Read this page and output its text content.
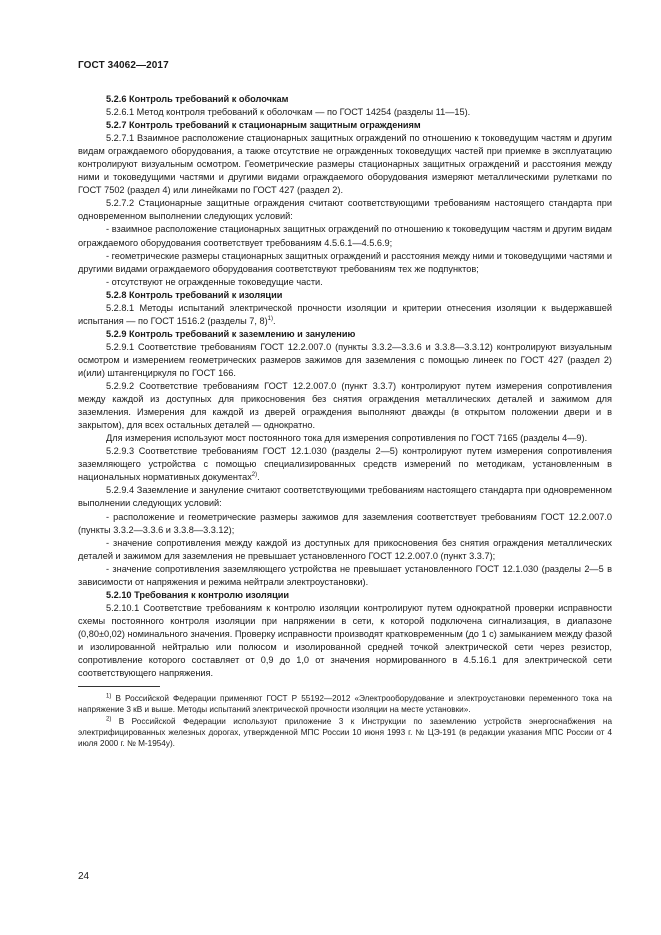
ГОСТ 34062—2017

5.2.6 Контроль требований к оболочкам

5.2.6.1 Метод контроля требований к оболочкам — по ГОСТ 14254 (разделы 11—15).

5.2.7 Контроль требований к стационарным защитным ограждениям

5.2.7.1 Взаимное расположение стационарных защитных ограждений по отношению к токоведущим частям и другим видам ограждаемого оборудования, а также отсутствие не огражденных токоведущих частей при приемке в эксплуатацию контролируют визуальным осмотром. Геометрические размеры стационарных защитных ограждений и расстояния между ними и токоведущими частями и другими видами ограждаемого оборудования измеряют металлическими рулетками по ГОСТ 7502 (раздел 4) или линейками по ГОСТ 427 (раздел 2).

5.2.7.2 Стационарные защитные ограждения считают соответствующими требованиям настоящего стандарта при одновременном выполнении следующих условий:

- взаимное расположение стационарных защитных ограждений по отношению к токоведущим частям и другим видам ограждаемого оборудования соответствует требованиям 4.5.6.1—4.5.6.9;

- геометрические размеры стационарных защитных ограждений и расстояния между ними и токоведущими частями и другими видами ограждаемого оборудования соответствуют требованиям тех же подпунктов;

- отсутствуют не огражденные токоведущие части.

5.2.8 Контроль требований к изоляции

5.2.8.1 Методы испытаний электрической прочности изоляции и критерии отнесения изоляции к выдержавшей испытания — по ГОСТ 1516.2 (разделы 7, 8)$^{1)}$.

5.2.9 Контроль требований к заземлению и занулению

5.2.9.1 Соответствие требованиям ГОСТ 12.2.007.0 (пункты 3.3.2—3.3.6 и 3.3.8—3.3.12) контролируют визуальным осмотром и измерением геометрических размеров зажимов для заземления с помощью линеек по ГОСТ 427 (раздел 2) и(или) штангенциркуля по ГОСТ 166.

5.2.9.2 Соответствие требованиям ГОСТ 12.2.007.0 (пункт 3.3.7) контролируют путем измерения сопротивления между каждой из доступных для прикосновения без снятия ограждения металлических деталей и зажимом для заземления. Измерения для каждой из дверей ограждения выполняют дважды (в открытом положении двери и в закрытом), для всех остальных деталей — однократно.

Для измерения используют мост постоянного тока для измерения сопротивления по ГОСТ 7165 (разделы 4—9).

5.2.9.3 Соответствие требованиям ГОСТ 12.1.030 (разделы 2—5) контролируют путем измерения сопротивления заземляющего устройства с помощью специализированных средств измерений по методикам, установленным в национальных нормативных документах$^{2)}$.

5.2.9.4 Заземление и зануление считают соответствующими требованиям настоящего стандарта при одновременном выполнении следующих условий:

- расположение и геометрические размеры зажимов для заземления соответствует требованиям ГОСТ 12.2.007.0 (пункты 3.3.2—3.3.6 и 3.3.8—3.3.12);

- значение сопротивления между каждой из доступных для прикосновения без снятия ограждения металлических деталей и зажимом для заземления не превышает установленного ГОСТ 12.2.007.0 (пункт 3.3.7);

- значение сопротивления заземляющего устройства не превышает установленного ГОСТ 12.1.030 (разделы 2—5 в зависимости от напряжения и режима нейтрали электроустановки).

5.2.10 Требования к контролю изоляции

5.2.10.1 Соответствие требованиям к контролю изоляции контролируют путем однократной проверки исправности схемы постоянного контроля изоляции при напряжении в сети, к которой подключена сигнализация, в диапазоне (0,80±0,02) номинального значения. Проверку исправности производят кратковременным (до 1 с) замыканием между фазой и изолированной нейтралью или полюсом и изолированной средней точкой электрической сети через резистор, сопротивление которого составляет от 0,9 до 1,0 от значения нормированного в 4.5.16.1 для электрической сети соответствующего напряжения.

$^{1)}$ В Российской Федерации применяют ГОСТ Р 55192—2012 «Электрооборудование и электроустановки переменного тока на напряжение 3 кВ и выше. Методы испытаний электрической прочности изоляции на месте установки».

$^{2)}$ В Российской Федерации используют приложение 3 к Инструкции по заземлению устройств энергоснабжения на электрифицированных железных дорогах, утвержденной МПС России 10 июня 1993 г. № ЦЭ-191 (в редакции указания МПС России от 4 июля 2000 г. № М-1954у).

24
